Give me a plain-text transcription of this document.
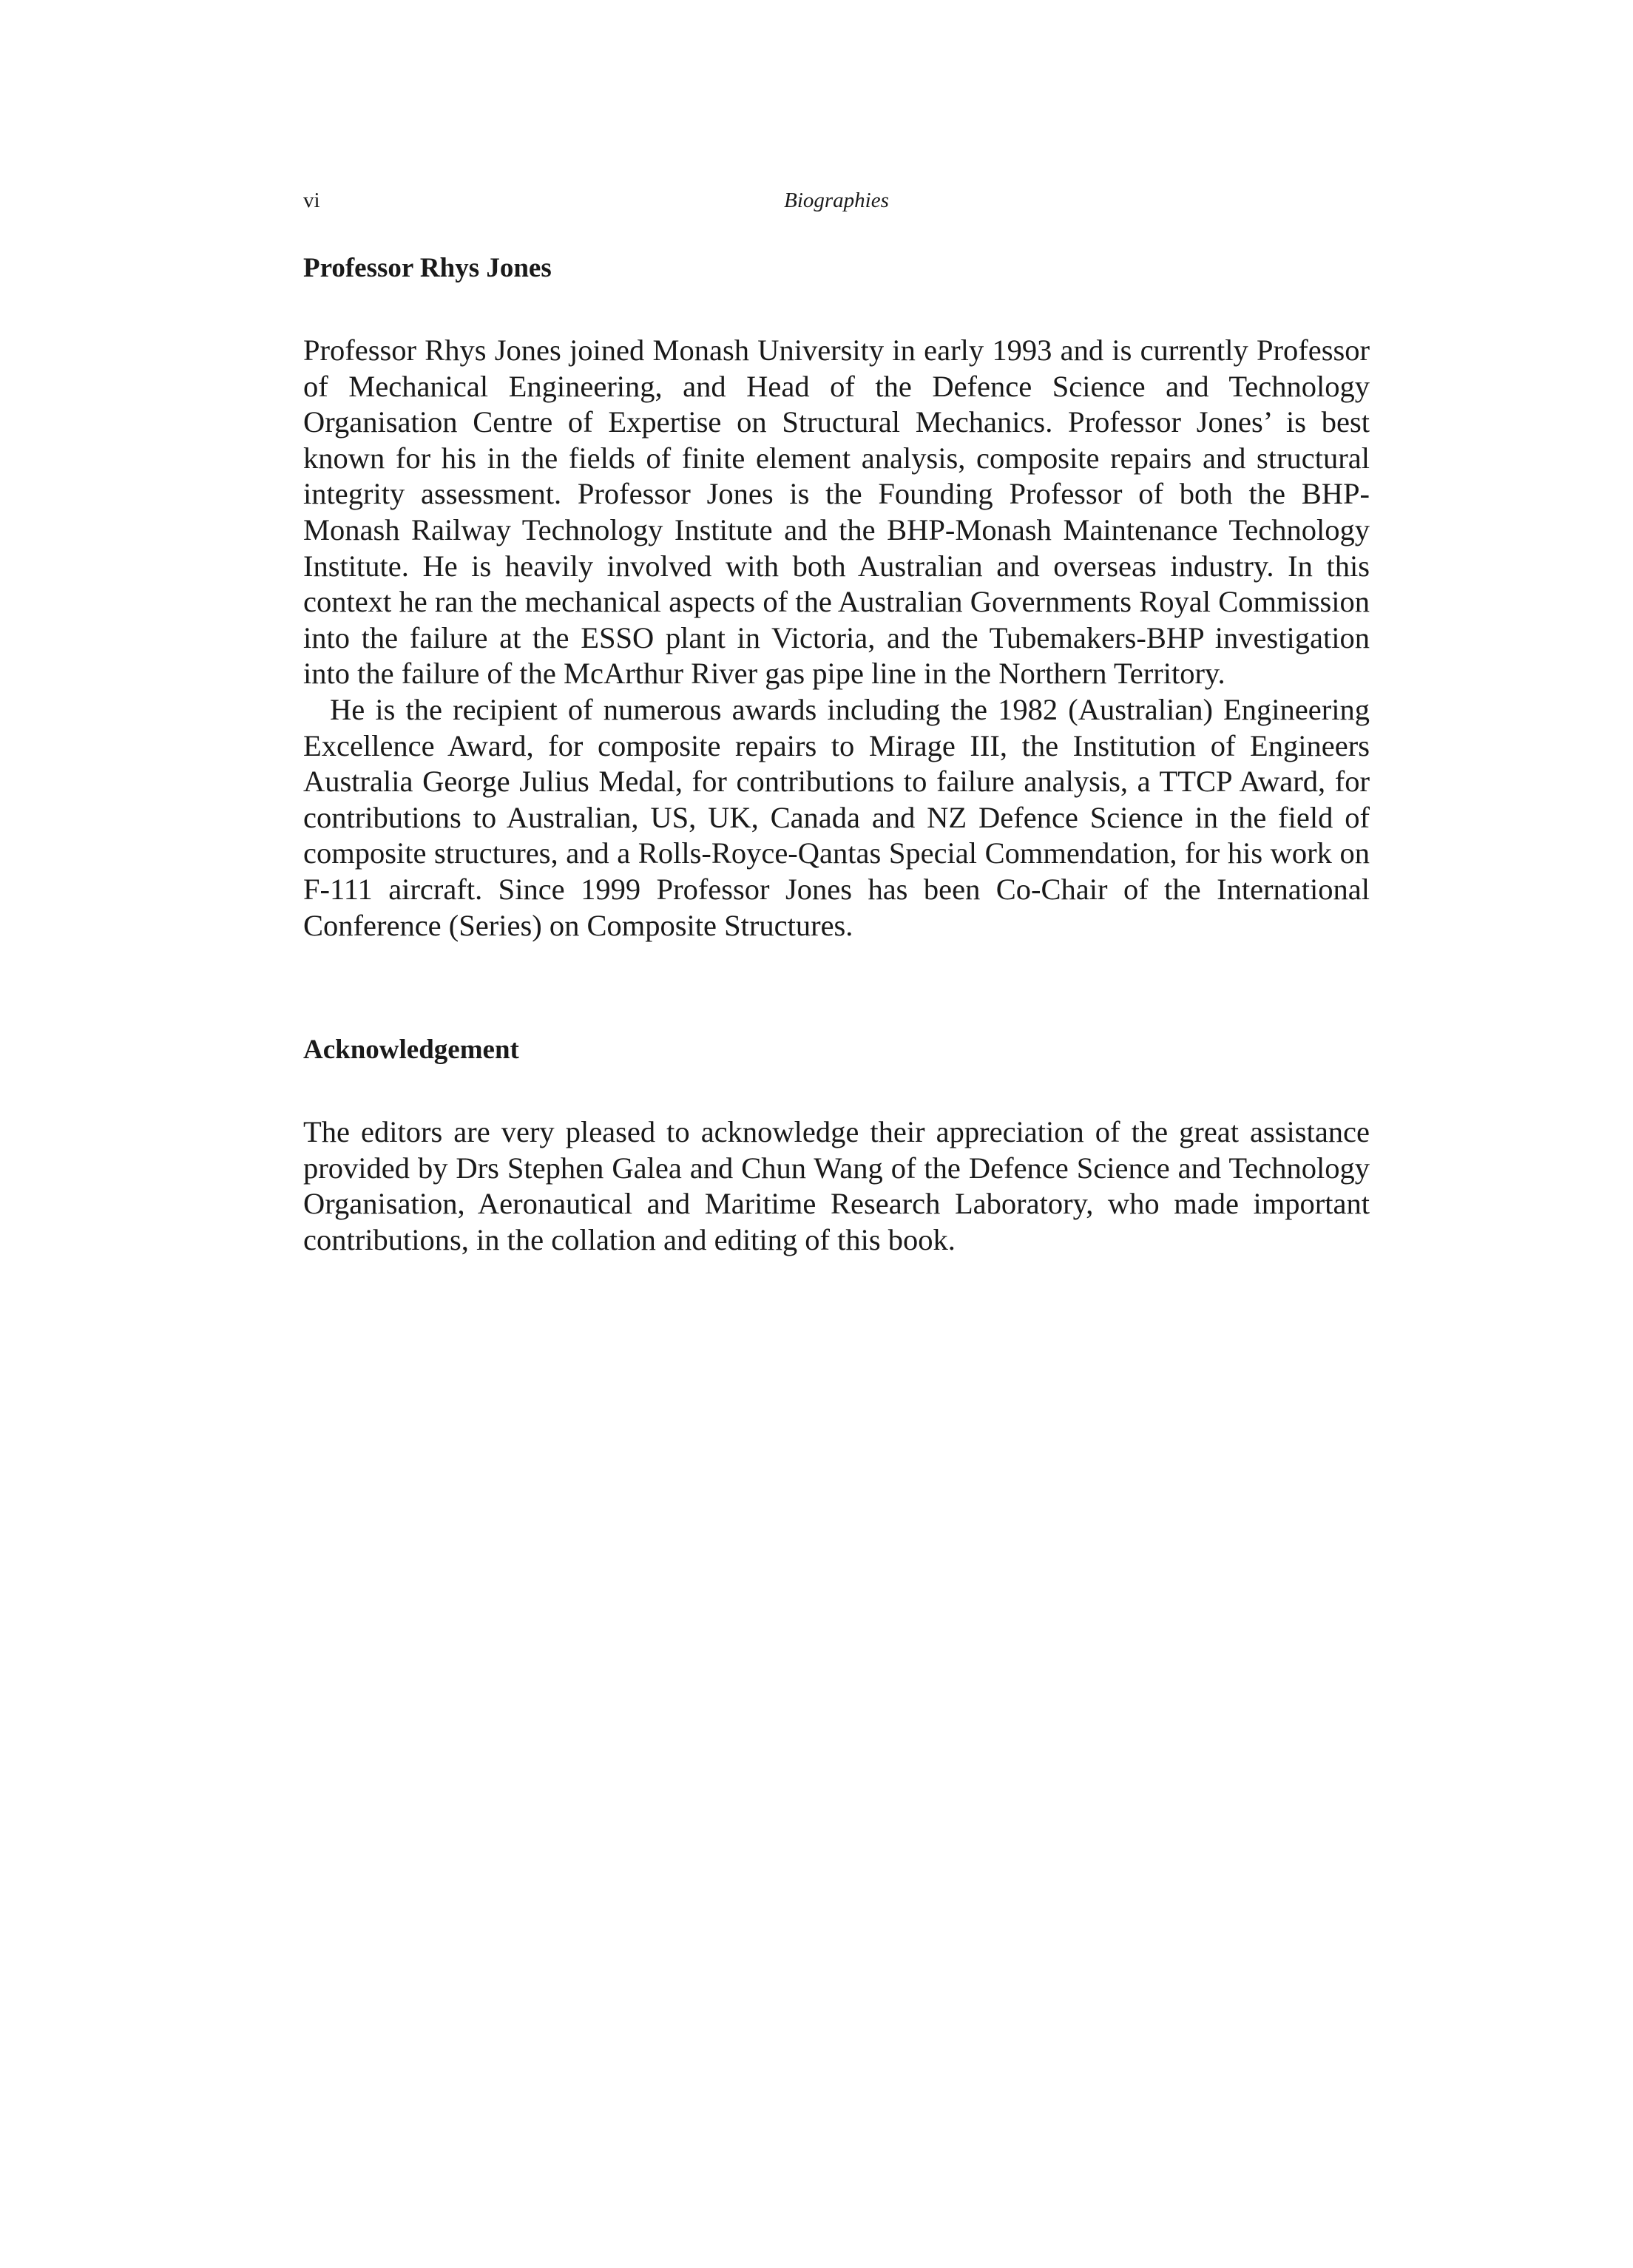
vi	Biographies
Professor Rhys Jones

Professor Rhys Jones joined Monash University in early 1993 and is currently Professor of Mechanical Engineering, and Head of the Defence Science and Technology Organisation Centre of Expertise on Structural Mechanics. Professor Jones’ is best known for his in the fields of finite element analysis, composite repairs and structural integrity assessment. Professor Jones is the Founding Professor of both the BHP-Monash Railway Technology Institute and the BHP-Monash Maintenance Technology Institute. He is heavily involved with both Australian and overseas industry. In this context he ran the mechanical aspects of the Australian Governments Royal Commission into the failure at the ESSO plant in Victoria, and the Tubemakers-BHP investigation into the failure of the McArthur River gas pipe line in the Northern Territory.

He is the recipient of numerous awards including the 1982 (Australian) Engineering Excellence Award, for composite repairs to Mirage III, the Institution of Engineers Australia George Julius Medal, for contributions to failure analysis, a TTCP Award, for contributions to Australian, US, UK, Canada and NZ Defence Science in the field of composite structures, and a Rolls-Royce-Qantas Special Commendation, for his work on F-111 aircraft. Since 1999 Professor Jones has been Co-Chair of the International Conference (Series) on Composite Structures.

Acknowledgement

The editors are very pleased to acknowledge their appreciation of the great assistance provided by Drs Stephen Galea and Chun Wang of the Defence Science and Technology Organisation, Aeronautical and Maritime Research Laboratory, who made important contributions, in the collation and editing of this book.
